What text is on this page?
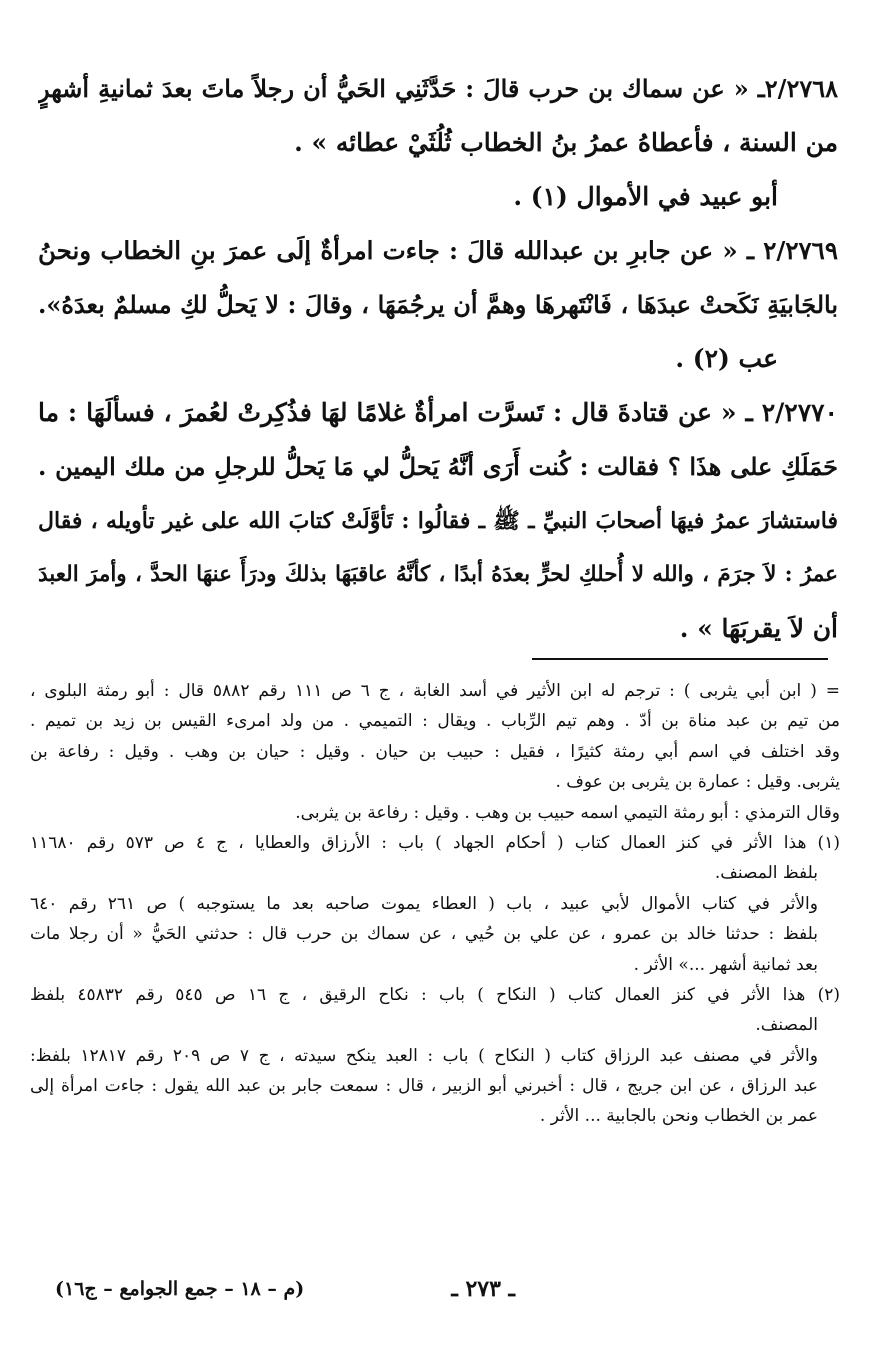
٢/٢٧٦٨ـ « عن سماك بن حرب قالَ : حَدَّثَنِي الحَيُّ أن رجلاً ماتَ بعدَ ثمانيةِ أشهرٍ
من السنة ، فأعطاهُ عمرُ بنُ الخطاب ثُلُثَيْ عطائه » .
أبو عبيد في الأموال (١) .
٢/٢٧٦٩ ـ « عن جابرِ بن عبدالله قالَ : جاءت امرأةٌ إلَى عمرَ بنِ الخطاب ونحنُ
بالجَابيَةِ نَكَحتْ عبدَهَا ، فَانْتَهرهَا وهمَّ أن يرجُمَهَا ، وقالَ : لا يَحلُّ لكِ مسلمٌ بعدَهُ».
عب (٢) .
٢/٢٧٧٠ ـ « عن قتادةَ قال : تَسرَّت امرأةٌ غلامًا لهَا فذُكِرتْ لعُمرَ ، فسألَهَا : ما
حَمَلَكِ على هذَا ؟ فقالت : كُنت أَرَى أنَّهُ يَحلُّ لي مَا يَحلُّ للرجلِ من ملك اليمين .
فاستشارَ عمرُ فيهَا أصحابَ النبيِّ ـ ﷺ ـ فقالُوا : تَأوَّلَتْ كتابَ الله على غير تأويله ، فقال
عمرُ : لاَ جرَمَ ، والله لا أُحلكِ لحرٍّ بعدَهُ أبدًا ، كأنَّهُ عاقبَهَا بذلكَ ودرَأَ عنهَا الحدَّ ، وأمرَ العبدَ
أن لاَ يقربَهَا » .
= ( ابن أبي يثربى ) : ترجم له ابن الأثير في أسد الغابة ، ج ٦ ص ١١١ رقم ٥٨٨٢ قال : أبو رمثة البلوى ،
من تيم بن عبد مناة بن أدّ . وهم تيم الرِّباب . ويقال : التميمي . من ولد امرىء القيس بن زيد بن تميم .
وقد اختلف في اسم أبي رمثة كثيرًا ، فقيل : حبيب بن حيان . وقيل : حيان بن وهب . وقيل : رفاعة بن
يثربى. وقيل : عمارة بن يثربى بن عوف .
وقال الترمذي : أبو رمثة التيمي اسمه حبيب بن وهب . وقيل : رفاعة بن يثربى.
(١) هذا الأثر في كنز العمال كتاب ( أحكام الجهاد ) باب : الأرزاق والعطايا ، ج ٤ ص ٥٧٣ رقم ١١٦٨٠
بلفظ المصنف.
والأثر في كتاب الأموال لأبي عبيد ، باب ( العطاء يموت صاحبه بعد ما يستوجبه ) ص ٢٦١ رقم ٦٤٠
بلفظ : حدثنا خالد بن عمرو ، عن علي بن حُيي ، عن سماك بن حرب قال : حدثني الحَيُّ « أن رجلا مات
بعد ثمانية أشهر ...» الأثر .
(٢) هذا الأثر في كنز العمال كتاب ( النكاح ) باب : نكاح الرقيق ، ج ١٦ ص ٥٤٥ رقم ٤٥٨٣٢ بلفظ
المصنف.
والأثر في مصنف عبد الرزاق كتاب ( النكاح ) باب : العبد ينكح سيدته ، ج ٧ ص ٢٠٩ رقم ١٢٨١٧ بلفظ:
عبد الرزاق ، عن ابن جريج ، قال : أخبرني أبو الزبير ، قال : سمعت جابر بن عبد الله يقول : جاءت امرأة إلى
عمر بن الخطاب ونحن بالجابية ... الأثر .
ـ ٢٧٣ ـ
(م – ١٨ – جمع الجوامع – ج١٦)
